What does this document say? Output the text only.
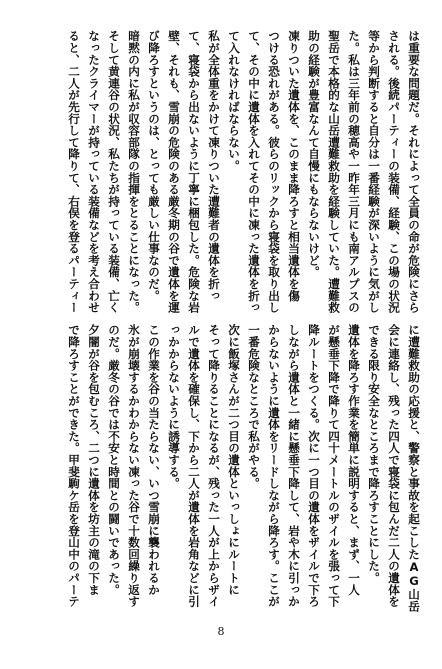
は重要な問題だ。それによって全員の命が危険にさら
される。後続パーティーの装備、経験、この場の状況
等から判断すると自分は一番経験が深いように気がし
た。私は三年前の穂高や一昨年三月にも南アルプスの
聖岳で本格的な山岳遭難救助を経験していた。遭難救
助の経験が豊富なんて自慢にもならないけど。
凍りついた遺体を、このまま降ろすと相当遺体を傷
つける恐れがある。彼らのリックから寝袋を取り出し
て、その中に遺体を入れてその中に凍った遺体を折っ
て入れなければならない。
私が全体重をかけて凍りついた遭難者の遺体を折っ
て、寝袋から出ないように丁寧に梱包した。危険な岩
壁、それも、雪崩の危険のある厳冬期の谷で遺体を運
び降ろすというのは、とっても厳しい仕事なのだ。
暗黙の内に私が収容部隊の指揮をとることになった。
そして黄連谷の状況、私たちが持っている装備、亡く
なったクライマーが持っている装備などを考え合わせ
ると、二人が先行して降りて、右俣を登るパーティー
に遭難救助の応援と、警察と事故を起こしたAG山岳
会に連絡し、残った四人で寝袋に包んだ二人の遺体を
できる限り安全なところまで降ろすことにした。
遺体を降ろす作業を簡単に説明すると、まず、一人
が懸垂下降で降りて四十メートルのザイルを張って下
降ルートをつくる。次に一つ目の遺体をザイルで下ろ
しながら遺体と一緒に懸垂下降して、岩や木に引っか
からないように遺体をリードしながら降ろす。ここが
一番危険なところで私がやる。
次に飯塚さんが二つ目の遺体といっしょにルートに
そって降りることになるが、残った一人が上からザイ
ルで遺体を確保し、下から二人が遺体を岩角などに引
っかからないように誘導する。
この作業を谷の当たらない、いつ雪崩に襲われるか
氷が崩壊するかわからない凍った谷で十数回繰り返す
のだ。厳冬の谷では不安と時間との闘いであった。
夕闇が谷を包むころ、二つに遺体を坊主の滝の下ま
で降ろすことができた。甲斐駒ケ岳を登山中のパーテ
8
